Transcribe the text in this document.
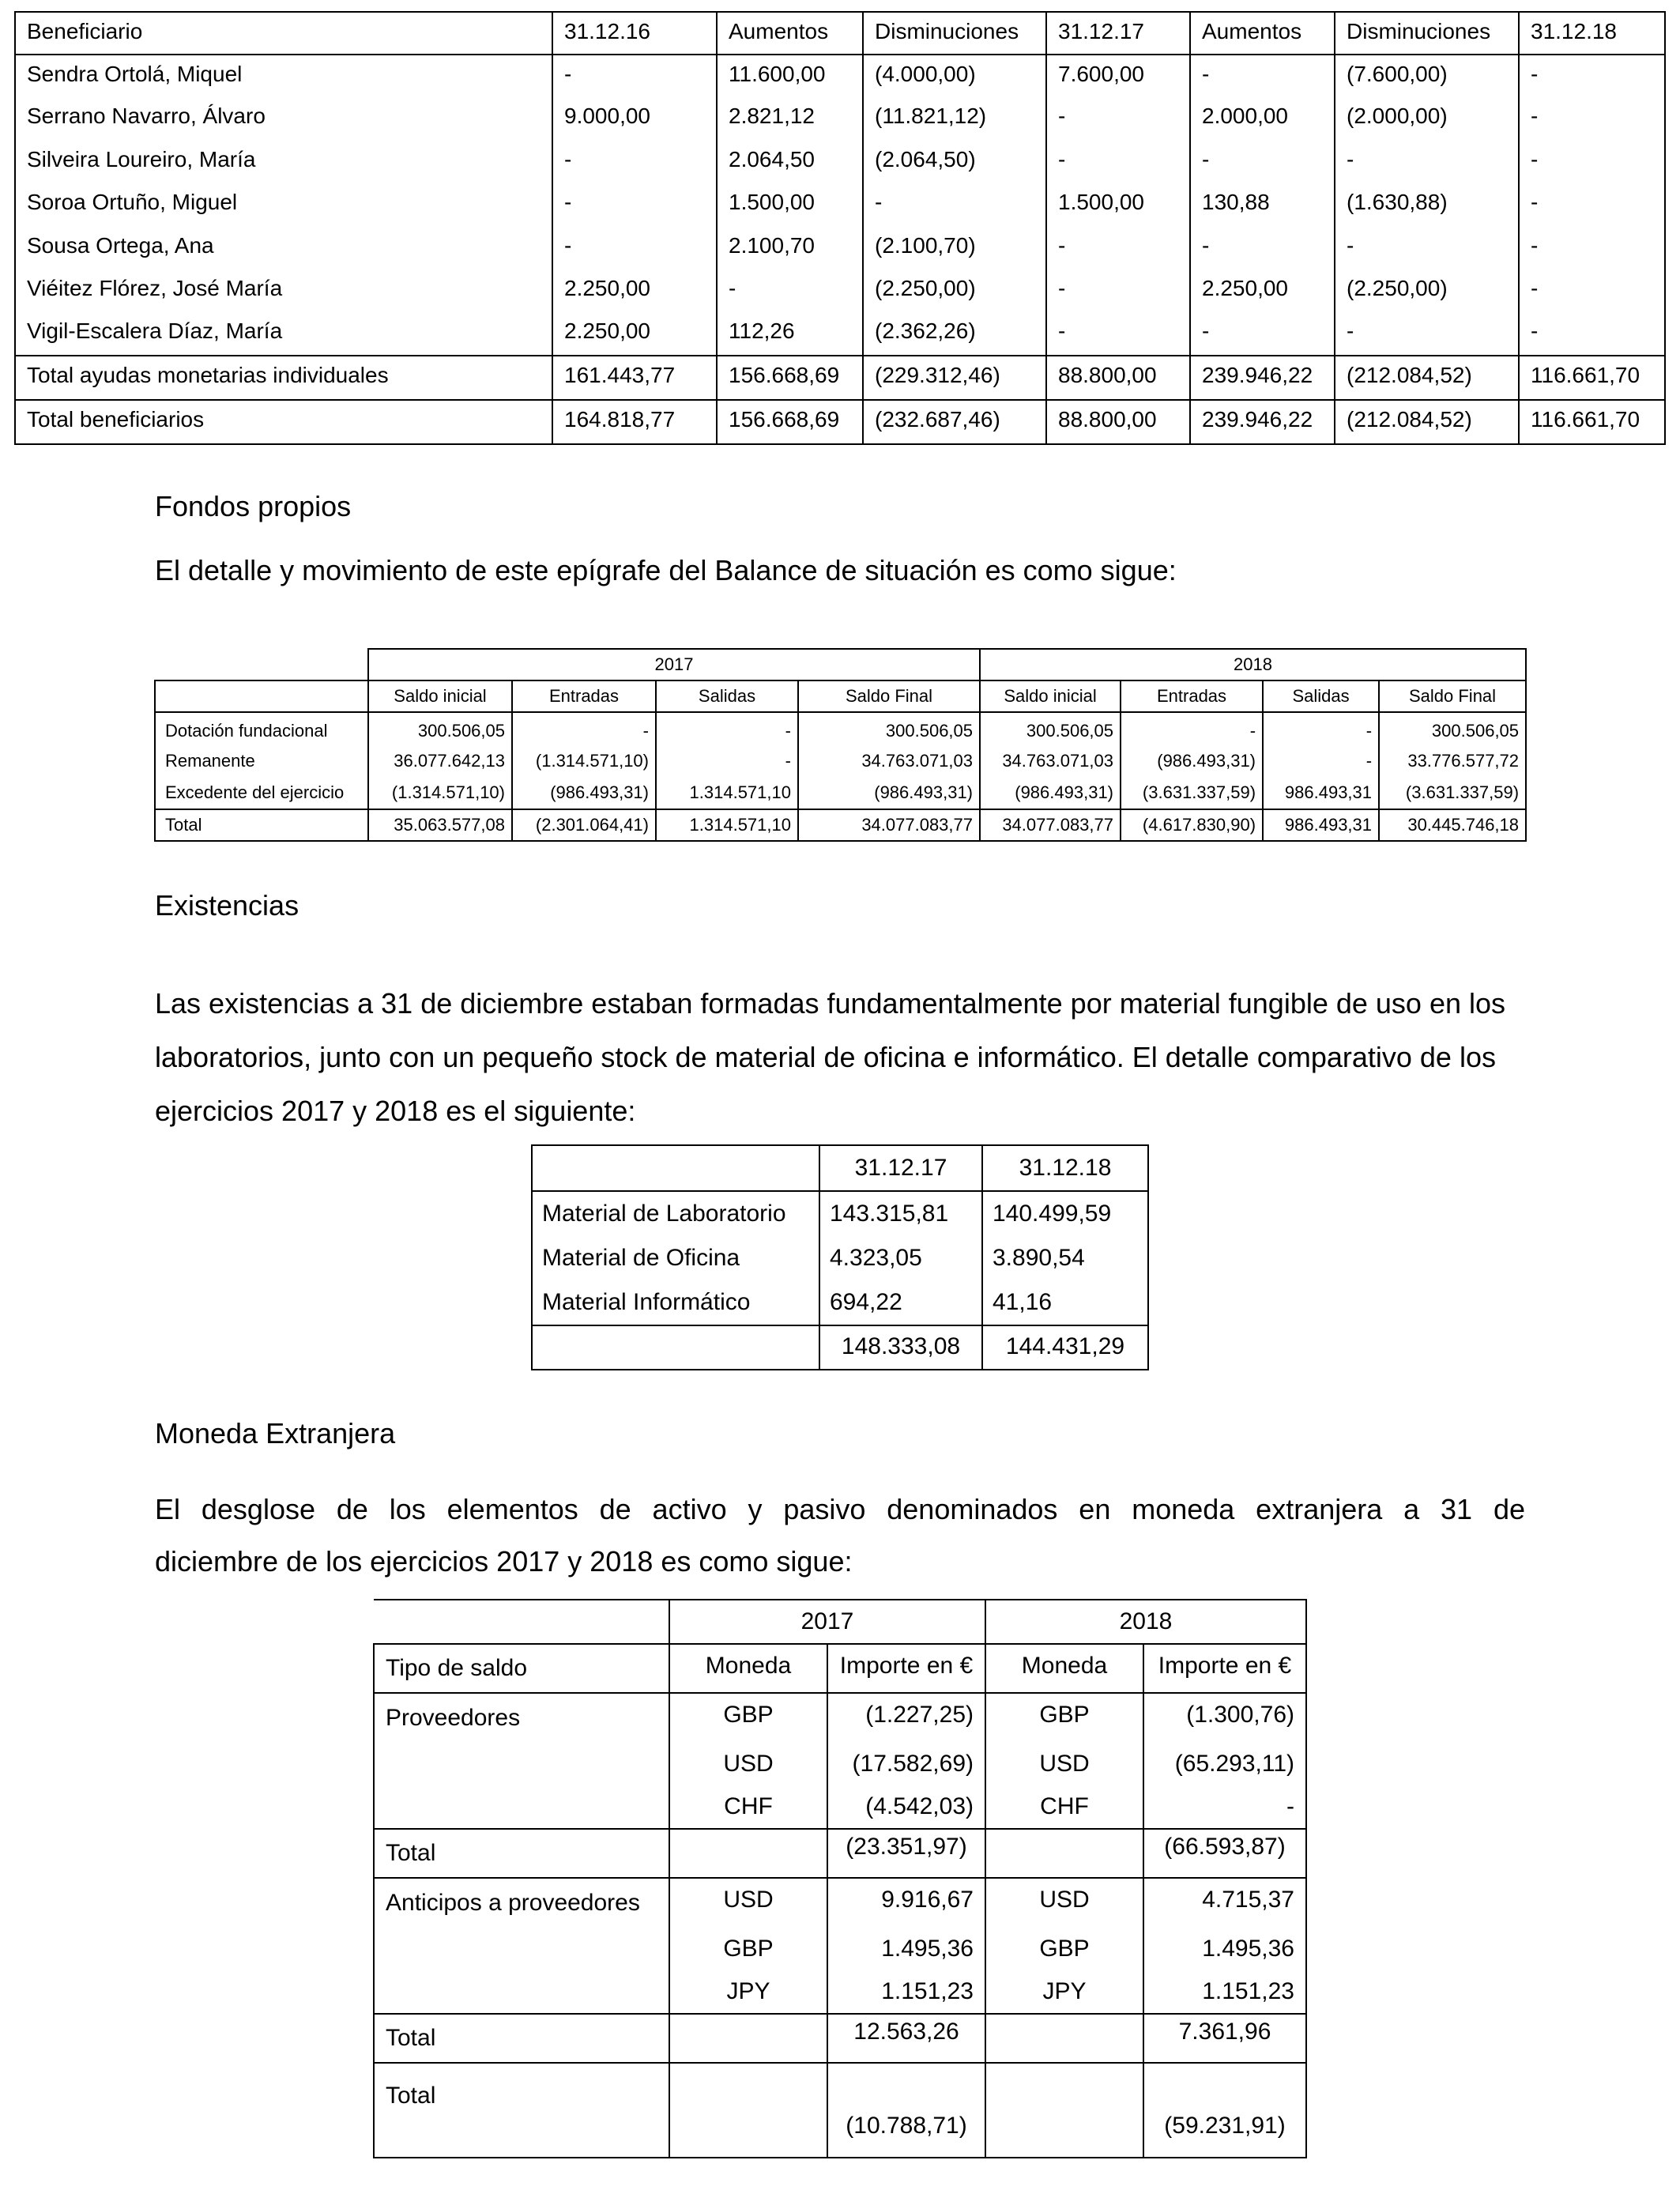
Beneficiario	31.12.16	Aumentos	Disminuciones	31.12.17	Aumentos	Disminuciones	31.12.18
Sendra Ortolá, Miquel	-	11.600,00	(4.000,00)	7.600,00	-	(7.600,00)	-
Serrano Navarro, Álvaro	9.000,00	2.821,12	(11.821,12)	-	2.000,00	(2.000,00)	-
Silveira Loureiro, María	-	2.064,50	(2.064,50)	-	-	-	-
Soroa Ortuño, Miguel	-	1.500,00	-	1.500,00	130,88	(1.630,88)	-
Sousa Ortega, Ana	-	2.100,70	(2.100,70)	-	-	-	-
Viéitez Flórez, José María	2.250,00	-	(2.250,00)	-	2.250,00	(2.250,00)	-
Vigil-Escalera Díaz, María	2.250,00	112,26	(2.362,26)	-	-	-	-
Total ayudas monetarias individuales	161.443,77	156.668,69	(229.312,46)	88.800,00	239.946,22	(212.084,52)	116.661,70
Total beneficiarios	164.818,77	156.668,69	(232.687,46)	88.800,00	239.946,22	(212.084,52)	116.661,70

Fondos propios

El detalle y movimiento de este epígrafe del Balance de situación es como sigue:

	2017				2018			
	Saldo inicial	Entradas	Salidas	Saldo Final	Saldo inicial	Entradas	Salidas	Saldo Final
Dotación fundacional	300.506,05	-	-	300.506,05	300.506,05	-	-	300.506,05
Remanente	36.077.642,13	(1.314.571,10)	-	34.763.071,03	34.763.071,03	(986.493,31)	-	33.776.577,72
Excedente del ejercicio	(1.314.571,10)	(986.493,31)	1.314.571,10	(986.493,31)	(986.493,31)	(3.631.337,59)	986.493,31	(3.631.337,59)
Total	35.063.577,08	(2.301.064,41)	1.314.571,10	34.077.083,77	34.077.083,77	(4.617.830,90)	986.493,31	30.445.746,18

Existencias

Las existencias a 31 de diciembre estaban formadas fundamentalmente por material fungible de uso en los laboratorios, junto con un pequeño stock de material de oficina e informático. El detalle comparativo de los ejercicios 2017 y 2018 es el siguiente:

	31.12.17	31.12.18
Material de Laboratorio	143.315,81	140.499,59
Material de Oficina	4.323,05	3.890,54
Material Informático	694,22	41,16
	148.333,08	144.431,29

Moneda Extranjera

El desglose de los elementos de activo y pasivo denominados en moneda extranjera a 31 de

diciembre de los ejercicios 2017 y 2018 es como sigue:

	2017		2018	
Tipo de saldo	Moneda	Importe en €	Moneda	Importe en €
Proveedores	GBP	(1.227,25)	GBP	(1.300,76)
	USD	(17.582,69)	USD	(65.293,11)
	CHF	(4.542,03)	CHF	-
Total		(23.351,97)		(66.593,87)
Anticipos a proveedores	USD	9.916,67	USD	4.715,37
	GBP	1.495,36	GBP	1.495,36
	JPY	1.151,23	JPY	1.151,23
Total		12.563,26		7.361,96
Total		(10.788,71)		(59.231,91)
